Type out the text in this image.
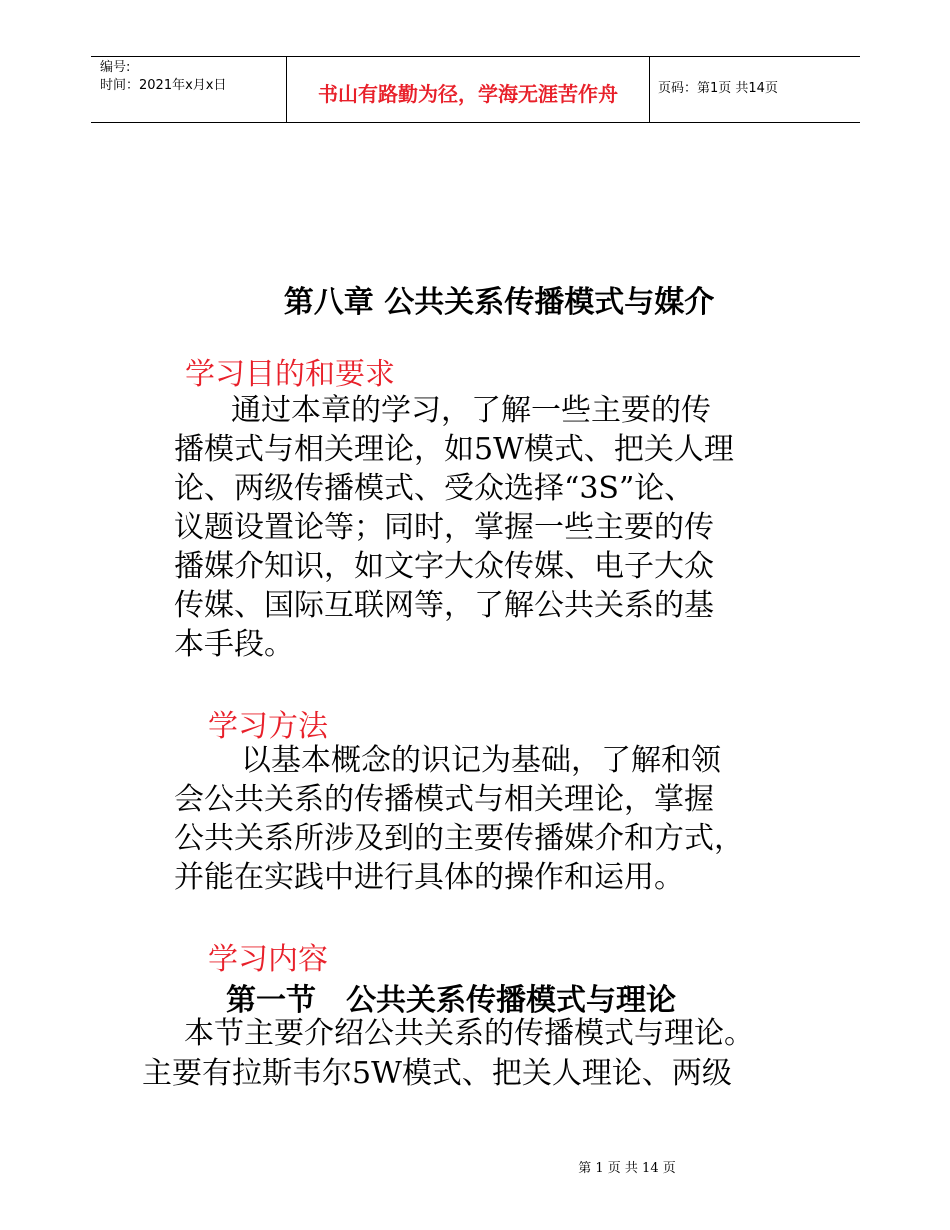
编号:
时间：2021年x月x日	书山有路勤为径，学海无涯苦作舟	页码：第1页 共14页
第八章 公共关系传播模式与媒介
学习目的和要求
通过本章的学习，了解一些主要的传
播模式与相关理论，如5W模式、把关人理
论、两级传播模式、受众选择“3S”论、
议题设置论等；同时，掌握一些主要的传
播媒介知识，如文字大众传媒、电子大众
传媒、国际互联网等，了解公共关系的基
本手段。
学习方法
以基本概念的识记为基础，了解和领
会公共关系的传播模式与相关理论，掌握
公共关系所涉及到的主要传播媒介和方式，
并能在实践中进行具体的操作和运用。
学习内容
第一节　公共关系传播模式与理论
本节主要介绍公共关系的传播模式与理论。
主要有拉斯韦尔5W模式、把关人理论、两级
第 1 页 共 14 页
